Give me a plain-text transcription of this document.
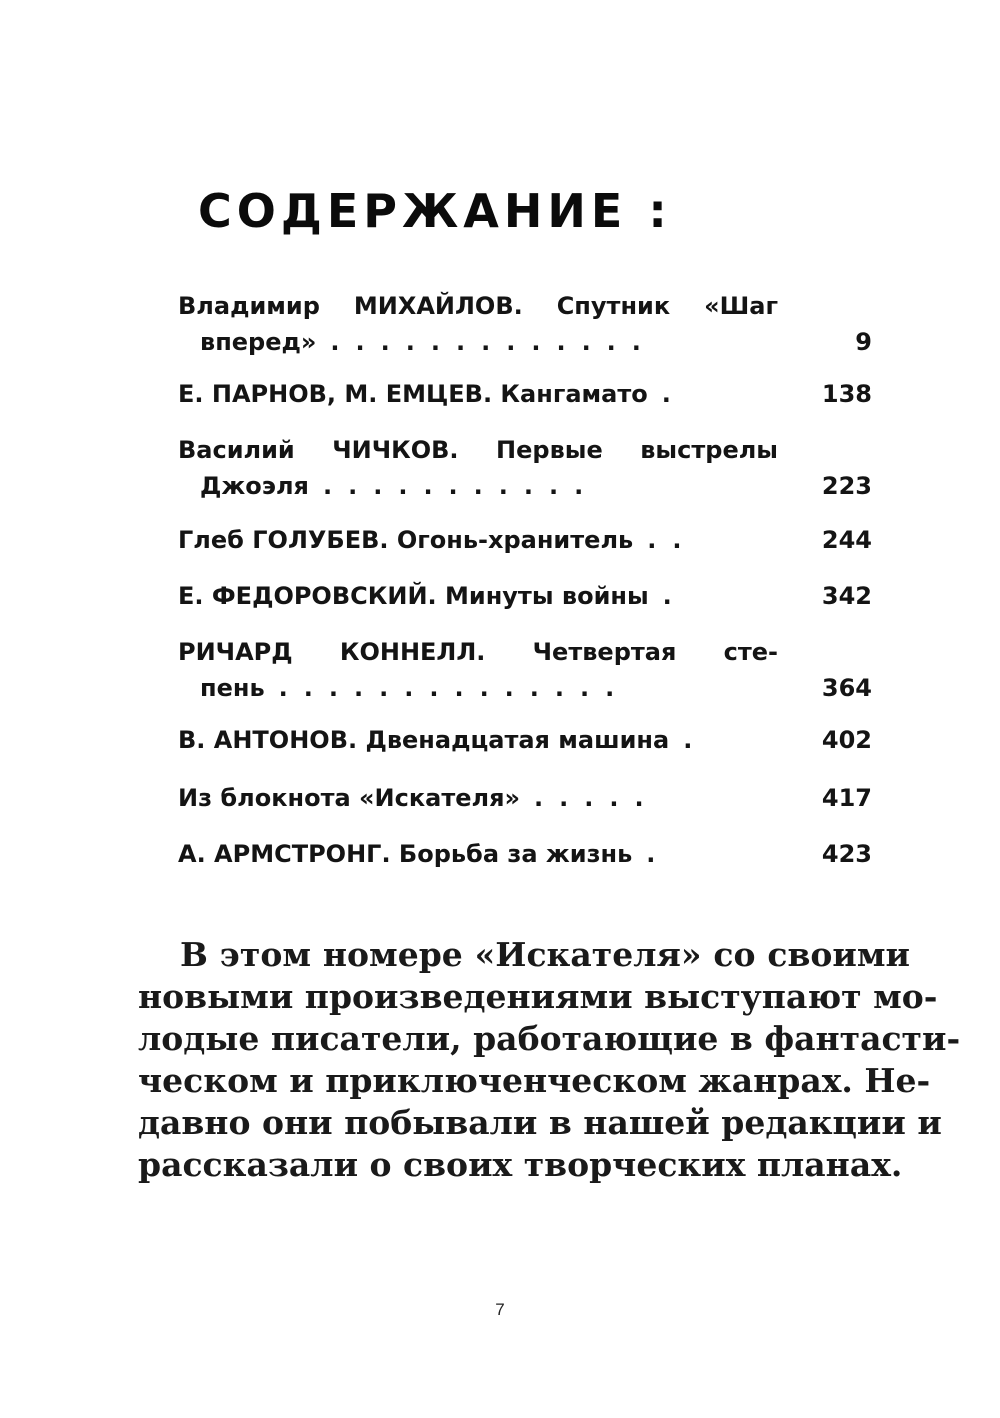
СОДЕРЖАНИЕ :
Владимир МИХАЙЛОВ. Спутник «Шаг
вперед» .............	9
Е. ПАРНОВ, М. ЕМЦЕВ. Кангамато .	138
Василий ЧИЧКОВ. Первые выстрелы
Джоэля ...........	223
Глеб ГОЛУБЕВ. Огонь-хранитель ..	244
Е. ФЕДОРОВСКИЙ. Минуты войны .	342
РИЧАРД КОННЕЛЛ. Четвертая сте-
пень ..............	364
В. АНТОНОВ. Двенадцатая машина .	402
Из блокнота «Искателя» .....	417
А. АРМСТРОНГ. Борьба за жизнь .	423
В этом номере «Искателя» со своими
новыми произведениями выступают мо-
лодые писатели, работающие в фантасти-
ческом и приключенческом жанрах. Не-
давно они побывали в нашей редакции и
рассказали о своих творческих планах.
7
